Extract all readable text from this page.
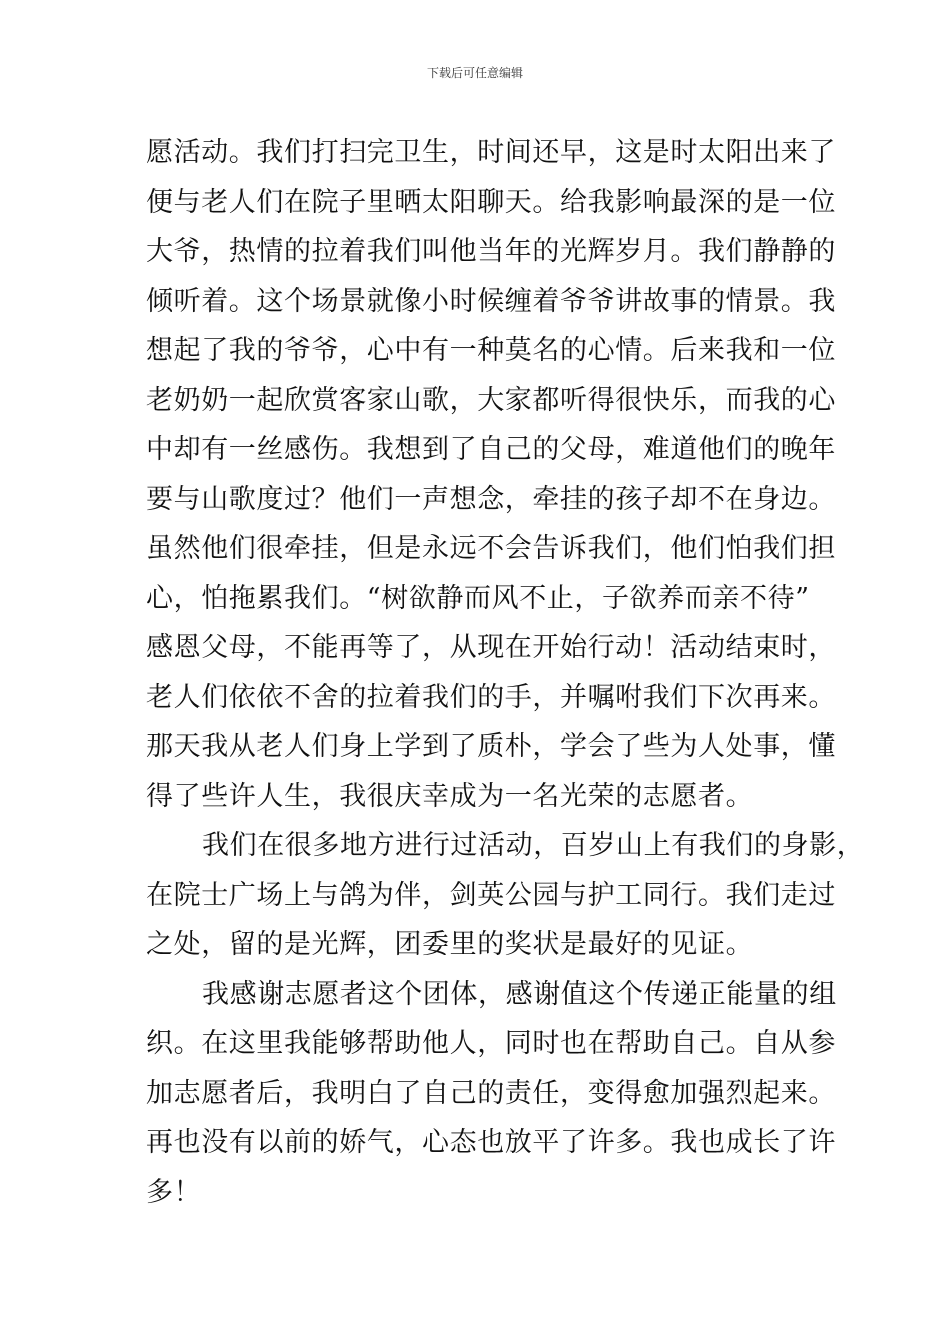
下载后可任意编辑
愿活动。我们打扫完卫生，时间还早，这是时太阳出来了
便与老人们在院子里晒太阳聊天。给我影响最深的是一位
大爷，热情的拉着我们叫他当年的光辉岁月。我们静静的
倾听着。这个场景就像小时候缠着爷爷讲故事的情景。我
想起了我的爷爷，心中有一种莫名的心情。后来我和一位
老奶奶一起欣赏客家山歌，大家都听得很快乐，而我的心
中却有一丝感伤。我想到了自己的父母，难道他们的晚年
要与山歌度过？他们一声想念，牵挂的孩子却不在身边。
虽然他们很牵挂，但是永远不会告诉我们，他们怕我们担
心，怕拖累我们。“树欲静而风不止，子欲养而亲不待”
感恩父母，不能再等了，从现在开始行动！活动结束时，
老人们依依不舍的拉着我们的手，并嘱咐我们下次再来。
那天我从老人们身上学到了质朴，学会了些为人处事，懂
得了些许人生，我很庆幸成为一名光荣的志愿者。
我们在很多地方进行过活动，百岁山上有我们的身影，
在院士广场上与鸽为伴，剑英公园与护工同行。我们走过
之处，留的是光辉，团委里的奖状是最好的见证。
我感谢志愿者这个团体，感谢值这个传递正能量的组
织。在这里我能够帮助他人，同时也在帮助自己。自从参
加志愿者后，我明白了自己的责任，变得愈加强烈起来。
再也没有以前的娇气，心态也放平了许多。我也成长了许
多！
